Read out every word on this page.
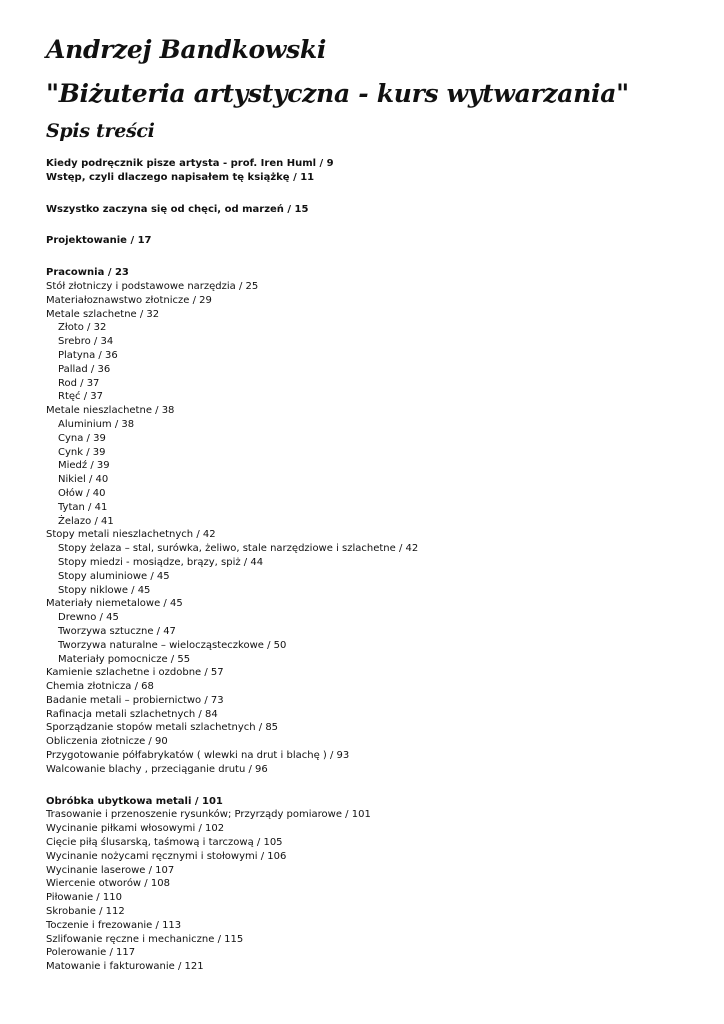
Andrzej Bandkowski
"Biżuteria artystyczna - kurs wytwarzania"
Spis treści
Kiedy podręcznik pisze artysta - prof. Iren Huml / 9
Wstęp, czyli dlaczego napisałem tę książkę / 11
Wszystko zaczyna się od chęci, od marzeń / 15
Projektowanie / 17
Pracownia / 23
Stół złotniczy i podstawowe narzędzia / 25
Materiałoznawstwo złotnicze / 29
Metale szlachetne / 32
Złoto / 32
Srebro / 34
Platyna / 36
Pallad / 36
Rod / 37
Rtęć / 37
Metale nieszlachetne / 38
Aluminium / 38
Cyna / 39
Cynk / 39
Miedź / 39
Nikiel / 40
Ołów / 40
Tytan / 41
Żelazo / 41
Stopy metali nieszlachetnych / 42
Stopy żelaza – stal, surówka, żeliwo, stale narzędziowe i szlachetne / 42
Stopy miedzi - mosiądze, brązy, spiż / 44
Stopy aluminiowe / 45
Stopy niklowe / 45
Materiały niemetalowe / 45
Drewno / 45
Tworzywa sztuczne / 47
Tworzywa naturalne – wielocząsteczkowe / 50
Materiały pomocnicze / 55
Kamienie szlachetne i ozdobne / 57
Chemia złotnicza / 68
Badanie metali – probiernictwo / 73
Rafinacja metali szlachetnych / 84
Sporządzanie stopów metali szlachetnych / 85
Obliczenia złotnicze / 90
Przygotowanie półfabrykatów ( wlewki na drut i blachę ) / 93
Walcowanie blachy , przeciąganie drutu / 96
Obróbka ubytkowa metali / 101
Trasowanie i przenoszenie rysunków; Przyrządy pomiarowe / 101
Wycinanie piłkami włosowymi / 102
Cięcie piłą ślusarską, taśmową i tarczową / 105
Wycinanie nożycami ręcznymi i stołowymi / 106
Wycinanie laserowe / 107
Wiercenie otworów / 108
Piłowanie / 110
Skrobanie / 112
Toczenie i frezowanie / 113
Szlifowanie ręczne i mechaniczne / 115
Polerowanie / 117
Matowanie i fakturowanie / 121
